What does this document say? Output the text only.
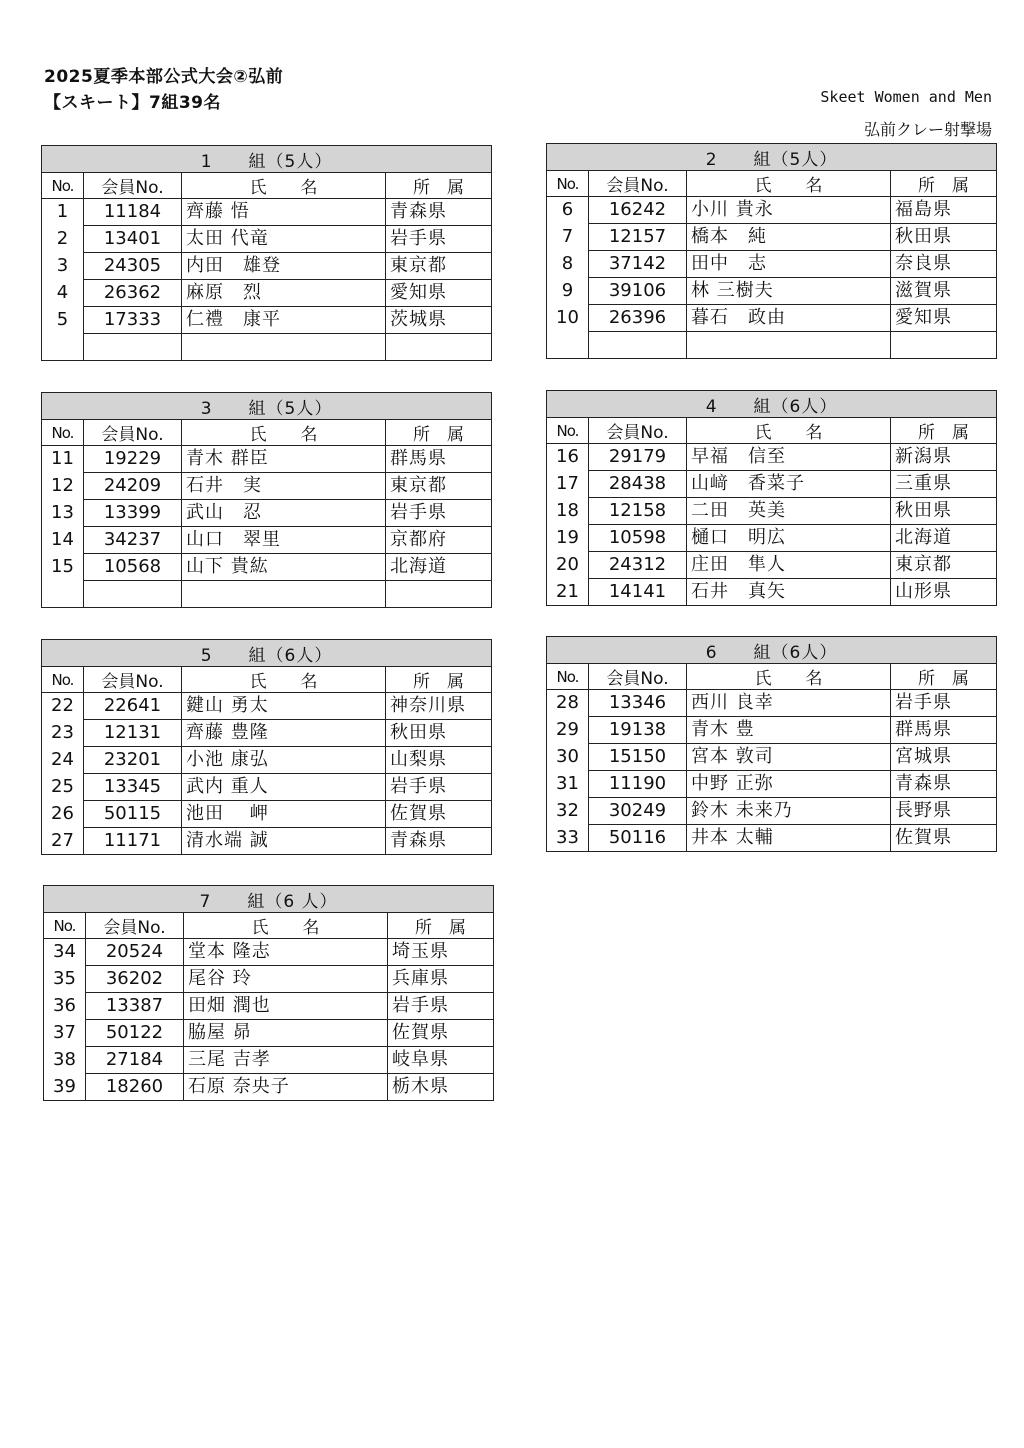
2025夏季本部公式大会②弘前
【スキート】7組39名	Skeet Women and Men
弘前クレー射撃場
1　　組（5人）			
No.	会員No.	氏　　名	所　属
1	11184	齊藤 悟	青森県
2	13401	太田 代竜	岩手県
3	24305	内田　雄登	東京都
4	26362	麻原　烈	愛知県
5	17333	仁禮　康平	茨城県

2　　組（5人）			
No.	会員No.	氏　　名	所　属
6	16242	小川 貴永	福島県
7	12157	橋本　純	秋田県
8	37142	田中　志	奈良県
9	39106	林 三樹夫	滋賀県
10	26396	暮石　政由	愛知県

3　　組（5人）			
No.	会員No.	氏　　名	所　属
11	19229	青木 群臣	群馬県
12	24209	石井　実	東京都
13	13399	武山　忍	岩手県
14	34237	山口　翠里	京都府
15	10568	山下 貴紘	北海道

4　　組（6人）			
No.	会員No.	氏　　名	所　属
16	29179	早福　信至	新潟県
17	28438	山﨑　香菜子	三重県
18	12158	二田　英美	秋田県
19	10598	樋口　明広	北海道
20	24312	庄田　隼人	東京都
21	14141	石井　真矢	山形県
5　　組（6人）			
No.	会員No.	氏　　名	所　属
22	22641	鍵山 勇太	神奈川県
23	12131	齊藤 豊隆	秋田県
24	23201	小池 康弘	山梨県
25	13345	武内 重人	岩手県
26	50115	池田　 岬	佐賀県
27	11171	清水端 誠	青森県
6　　組（6人）			
No.	会員No.	氏　　名	所　属
28	13346	西川 良幸	岩手県
29	19138	青木 豊	群馬県
30	15150	宮本 敦司	宮城県
31	11190	中野 正弥	青森県
32	30249	鈴木 未来乃	長野県
33	50116	井本 太輔	佐賀県
7　　組（6 人）			
No.	会員No.	氏　　名	所　属
34	20524	堂本 隆志	埼玉県
35	36202	尾谷 玲	兵庫県
36	13387	田畑 潤也	岩手県
37	50122	脇屋 昴	佐賀県
38	27184	三尾 吉孝	岐阜県
39	18260	石原 奈央子	栃木県
